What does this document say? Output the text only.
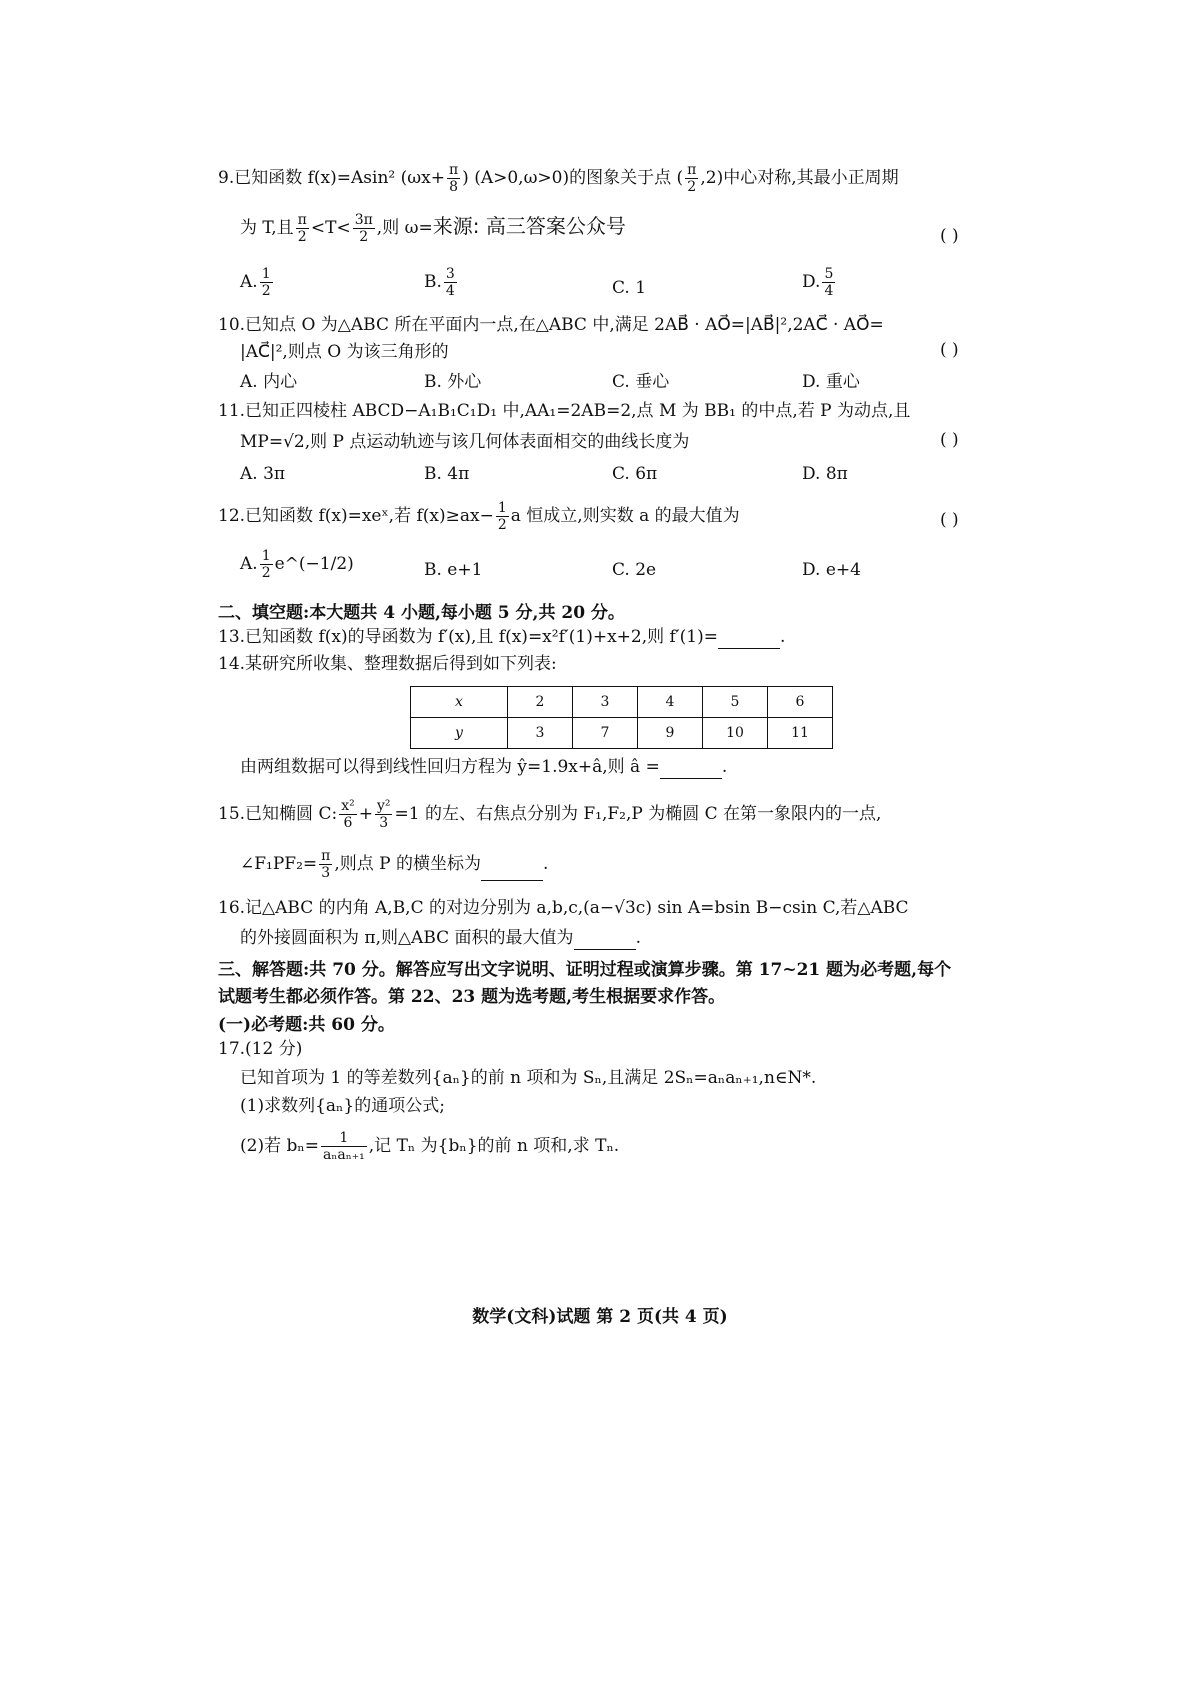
9.已知函数 f(x)=Asin² ($\omega x+ \frac{\pi}{8}$ ) (A>0,ω>0)的图象关于点 ( $\frac{\pi}{2} ,2$)中心对称,其最小正周期
为 T,且 $\frac{\pi}{2} <T< \frac{3\pi}{2}$ ,则 ω=来源: 高三答案公众号	( )
A. $\frac{1}{2}$	B. $\frac{3}{4}$	C. 1	D. $\frac{5}{4}$
10.已知点 O 为△ABC 所在平面内一点,在△ABC 中,满足 2AB⃗ · AO⃗=|AB⃗|²,2AC⃗ · AO⃗=
|AC⃗|²,则点 O 为该三角形的	( )
A. 内心	B. 外心	C. 垂心	D. 重心
11.已知正四棱柱 ABCD−A₁B₁C₁D₁ 中,AA₁=2AB=2,点 M 为 BB₁ 的中点,若 P 为动点,且
MP=√2,则 P 点运动轨迹与该几何体表面相交的曲线长度为	( )
A. 3π	B. 4π	C. 6π	D. 8π
12.已知函数 f(x)=xeˣ,若 $f(x)\ge ax- \frac{1}{2}$ a 恒成立,则实数 a 的最大值为	( )
A. $\frac{1}{2}$ e^(−1/2)	B. e+1	C. 2e	D. e+4
二、填空题:本大题共 4 小题,每小题 5 分,共 20 分。
13.已知函数 f(x)的导函数为 f′(x),且 f(x)=x²f′(1)+x+2,则 f′(1)=	.
14.某研究所收集、整理数据后得到如下列表:
x	2	3	4	5	6
y	3	7	9	10	11
由两组数据可以得到线性回归方程为 ŷ=1.9x+â,则 â =	.
15.已知椭圆 C: $\frac{\text{x²}}{6} + \frac{\text{y²}}{3} =1$ 的左、右焦点分别为 F₁,F₂,P 为椭圆 C 在第一象限内的一点,
∠F₁PF₂= $\frac{\pi}{3}$ ,则点 P 的横坐标为	.
16.记△ABC 的内角 A,B,C 的对边分别为 a,b,c,(a−√3c) sin A=bsin B−csin C,若△ABC
的外接圆面积为 π,则△ABC 面积的最大值为	.
三、解答题:共 70 分。解答应写出文字说明、证明过程或演算步骤。第 17~21 题为必考题,每个
试题考生都必须作答。第 22、23 题为选考题,考生根据要求作答。
(一)必考题:共 60 分。
17.(12 分)
已知首项为 1 的等差数列{aₙ}的前 n 项和为 Sₙ,且满足 2Sₙ=aₙaₙ₊₁,n∈N*.
(1)求数列{aₙ}的通项公式;
(2)若 $b_n= \frac{1}{\text{aₙaₙ₊₁}}$ ,记 Tₙ 为{bₙ}的前 n 项和,求 Tₙ.
数学(文科)试题 第 2 页(共 4 页)
